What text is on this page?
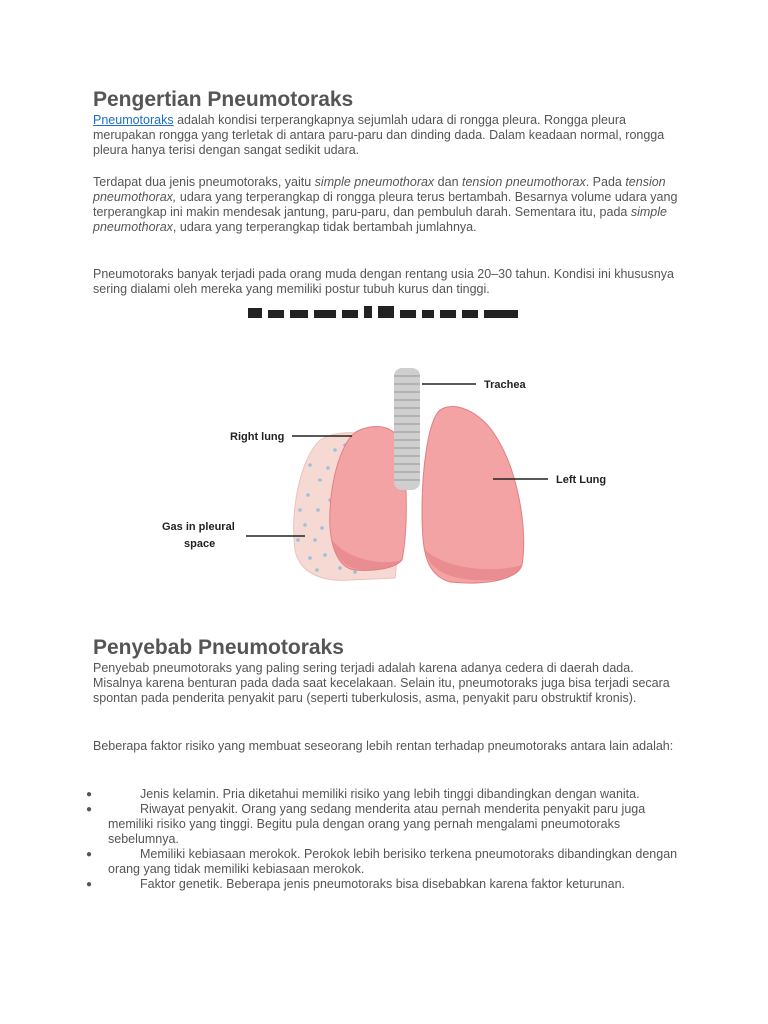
Pengertian Pneumotoraks

Pneumotoraks adalah kondisi terperangkapnya sejumlah udara di rongga pleura. Rongga pleura merupakan rongga yang terletak di antara paru-paru dan dinding dada. Dalam keadaan normal, rongga pleura hanya terisi dengan sangat sedikit udara.

Terdapat dua jenis pneumotoraks, yaitu simple pneumothorax dan tension pneumothorax. Pada tension pneumothorax, udara yang terperangkap di rongga pleura terus bertambah. Besarnya volume udara yang terperangkap ini makin mendesak jantung, paru-paru, dan pembuluh darah. Sementara itu, pada simple pneumothorax, udara yang terperangkap tidak bertambah jumlahnya.

Pneumotoraks banyak terjadi pada orang muda dengan rentang usia 20–30 tahun. Kondisi ini khususnya sering dialami oleh mereka yang memiliki postur tubuh kurus dan tinggi.

Trachea
Right lung
Left Lung
Gas in pleural
space
Penyebab Pneumotoraks

Penyebab pneumotoraks yang paling sering terjadi adalah karena adanya cedera di daerah dada. Misalnya karena benturan pada dada saat kecelakaan. Selain itu, pneumotoraks juga bisa terjadi secara spontan pada penderita penyakit paru (seperti tuberkulosis, asma, penyakit paru obstruktif kronis).

Beberapa faktor risiko yang membuat seseorang lebih rentan terhadap pneumotoraks antara lain adalah:

●	Jenis kelamin. Pria diketahui memiliki risiko yang lebih tinggi dibandingkan dengan wanita.
●	Riwayat penyakit. Orang yang sedang menderita atau pernah menderita penyakit paru juga memiliki risiko yang tinggi. Begitu pula dengan orang yang pernah mengalami pneumotoraks sebelumnya.
●	Memiliki kebiasaan merokok. Perokok lebih berisiko terkena pneumotoraks dibandingkan dengan orang yang tidak memiliki kebiasaan merokok.
●	Faktor genetik. Beberapa jenis pneumotoraks bisa disebabkan karena faktor keturunan.
